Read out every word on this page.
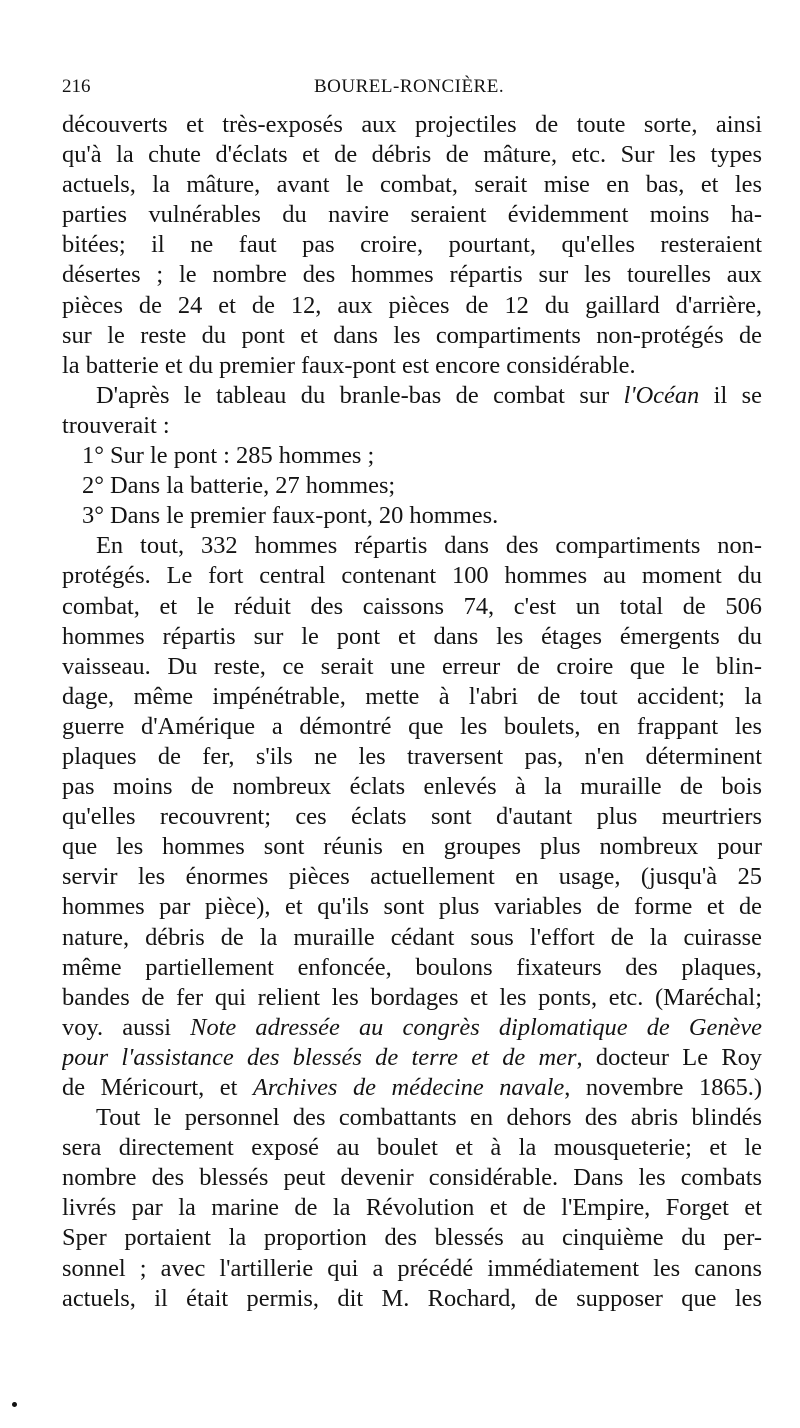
216	BOUREL-RONCIÈRE.
découverts et très-exposés aux projectiles de toute sorte, ainsi
qu'à la chute d'éclats et de débris de mâture, etc. Sur les types
actuels, la mâture, avant le combat, serait mise en bas, et les
parties vulnérables du navire seraient évidemment moins ha-
bitées; il ne faut pas croire, pourtant, qu'elles resteraient
désertes ; le nombre des hommes répartis sur les tourelles aux
pièces de 24 et de 12, aux pièces de 12 du gaillard d'arrière,
sur le reste du pont et dans les compartiments non-protégés de
la batterie et du premier faux-pont est encore considérable.
D'après le tableau du branle-bas de combat sur l'Océan il se
trouverait :
1° Sur le pont : 285 hommes ;
2° Dans la batterie, 27 hommes;
3° Dans le premier faux-pont, 20 hommes.
En tout, 332 hommes répartis dans des compartiments non-
protégés. Le fort central contenant 100 hommes au moment du
combat, et le réduit des caissons 74, c'est un total de 506
hommes répartis sur le pont et dans les étages émergents du
vaisseau. Du reste, ce serait une erreur de croire que le blin-
dage, même impénétrable, mette à l'abri de tout accident; la
guerre d'Amérique a démontré que les boulets, en frappant les
plaques de fer, s'ils ne les traversent pas, n'en déterminent
pas moins de nombreux éclats enlevés à la muraille de bois
qu'elles recouvrent; ces éclats sont d'autant plus meurtriers
que les hommes sont réunis en groupes plus nombreux pour
servir les énormes pièces actuellement en usage, (jusqu'à 25
hommes par pièce), et qu'ils sont plus variables de forme et de
nature, débris de la muraille cédant sous l'effort de la cuirasse
même partiellement enfoncée, boulons fixateurs des plaques,
bandes de fer qui relient les bordages et les ponts, etc. (Maréchal;
voy. aussi Note adressée au congrès diplomatique de Genève
pour l'assistance des blessés de terre et de mer, docteur Le Roy
de Méricourt, et Archives de médecine navale, novembre 1865.)
Tout le personnel des combattants en dehors des abris blindés
sera directement exposé au boulet et à la mousqueterie; et le
nombre des blessés peut devenir considérable. Dans les combats
livrés par la marine de la Révolution et de l'Empire, Forget et
Sper portaient la proportion des blessés au cinquième du per-
sonnel ; avec l'artillerie qui a précédé immédiatement les canons
actuels, il était permis, dit M. Rochard, de supposer que les
